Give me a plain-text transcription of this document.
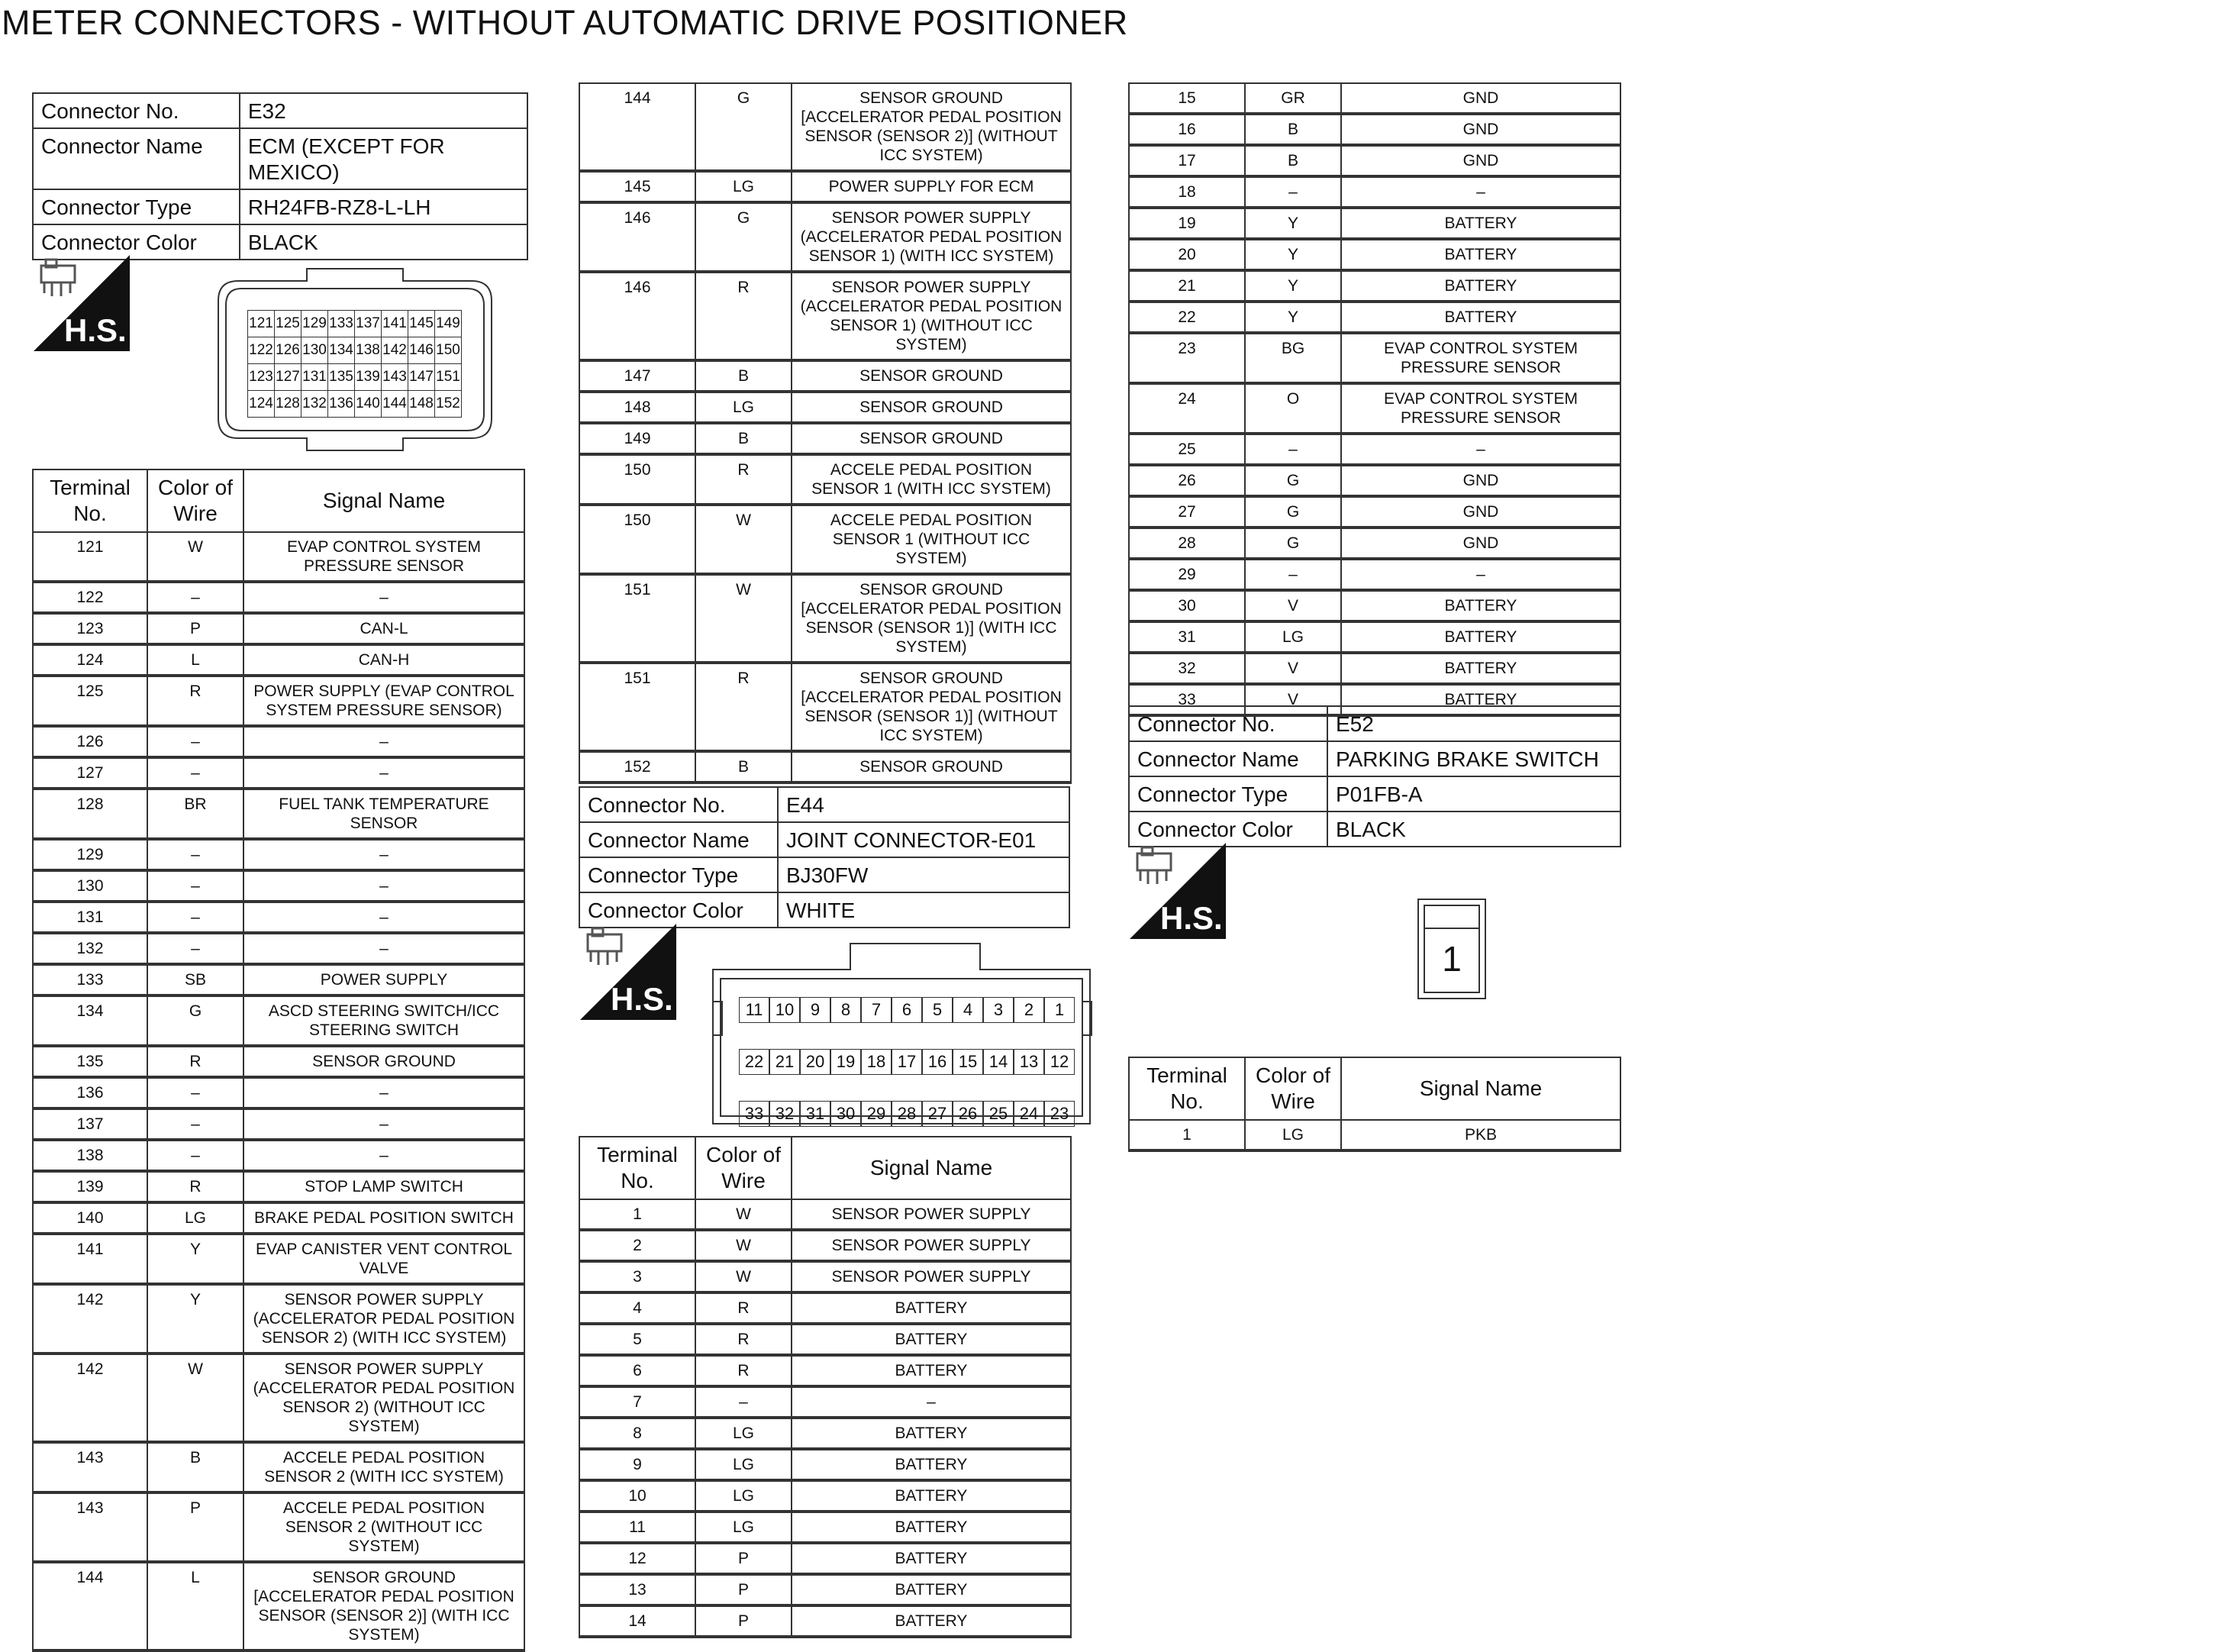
METER CONNECTORS - WITHOUT AUTOMATIC DRIVE POSITIONER
Connector No.	E32
Connector Name	ECM (EXCEPT FOR MEXICO)
Connector Type	RH24FB-RZ8-L-LH
Connector Color	BLACK
H.S.	121	125	129	133	137	141	145	149
122	126	130	134	138	142	146	150
123	127	131	135	139	143	147	151
124	128	132	136	140	144	148	152
Terminal No.	Color of Wire	Signal Name
121	W	EVAP CONTROL SYSTEM PRESSURE SENSOR
122	–	–
123	P	CAN-L
124	L	CAN-H
125	R	POWER SUPPLY (EVAP CONTROL SYSTEM PRESSURE SENSOR)
126	–	–
127	–	–
128	BR	FUEL TANK TEMPERATURE SENSOR
129	–	–
130	–	–
131	–	–
132	–	–
133	SB	POWER SUPPLY
134	G	ASCD STEERING SWITCH/ICC STEERING SWITCH
135	R	SENSOR GROUND
136	–	–
137	–	–
138	–	–
139	R	STOP LAMP SWITCH
140	LG	BRAKE PEDAL POSITION SWITCH
141	Y	EVAP CANISTER VENT CONTROL VALVE
142	Y	SENSOR POWER SUPPLY (ACCELERATOR PEDAL POSITION SENSOR 2) (WITH ICC SYSTEM)
142	W	SENSOR POWER SUPPLY (ACCELERATOR PEDAL POSITION SENSOR 2) (WITHOUT ICC SYSTEM)
143	B	ACCELE PEDAL POSITION SENSOR 2 (WITH ICC SYSTEM)
143	P	ACCELE PEDAL POSITION SENSOR 2 (WITHOUT ICC SYSTEM)
144	L	SENSOR GROUND [ACCELERATOR PEDAL POSITION SENSOR (SENSOR 2)] (WITH ICC SYSTEM)
144	G	SENSOR GROUND [ACCELERATOR PEDAL POSITION SENSOR (SENSOR 2)] (WITHOUT ICC SYSTEM)
145	LG	POWER SUPPLY FOR ECM
146	G	SENSOR POWER SUPPLY (ACCELERATOR PEDAL POSITION SENSOR 1) (WITH ICC SYSTEM)
146	R	SENSOR POWER SUPPLY (ACCELERATOR PEDAL POSITION SENSOR 1) (WITHOUT ICC SYSTEM)
147	B	SENSOR GROUND
148	LG	SENSOR GROUND
149	B	SENSOR GROUND
150	R	ACCELE PEDAL POSITION SENSOR 1 (WITH ICC SYSTEM)
150	W	ACCELE PEDAL POSITION SENSOR 1 (WITHOUT ICC SYSTEM)
151	W	SENSOR GROUND [ACCELERATOR PEDAL POSITION SENSOR (SENSOR 1)] (WITH ICC SYSTEM)
151	R	SENSOR GROUND [ACCELERATOR PEDAL POSITION SENSOR (SENSOR 1)] (WITHOUT ICC SYSTEM)
152	B	SENSOR GROUND
Connector No.	E44
Connector Name	JOINT CONNECTOR-E01
Connector Type	BJ30FW
Connector Color	WHITE
H.S.	11	10	9	8	7	6	5	4	3	2	1
22	21	20	19	18	17	16	15	14	13	12
33	32	31	30	29	28	27	26	25	24	23
Terminal No.	Color of Wire	Signal Name
1	W	SENSOR POWER SUPPLY
2	W	SENSOR POWER SUPPLY
3	W	SENSOR POWER SUPPLY
4	R	BATTERY
5	R	BATTERY
6	R	BATTERY
7	–	–
8	LG	BATTERY
9	LG	BATTERY
10	LG	BATTERY
11	LG	BATTERY
12	P	BATTERY
13	P	BATTERY
14	P	BATTERY
15	GR	GND
16	B	GND
17	B	GND
18	–	–
19	Y	BATTERY
20	Y	BATTERY
21	Y	BATTERY
22	Y	BATTERY
23	BG	EVAP CONTROL SYSTEM PRESSURE SENSOR
24	O	EVAP CONTROL SYSTEM PRESSURE SENSOR
25	–	–
26	G	GND
27	G	GND
28	G	GND
29	–	–
30	V	BATTERY
31	LG	BATTERY
32	V	BATTERY
33	V	BATTERY
Connector No.	E52
Connector Name	PARKING BRAKE SWITCH
Connector Type	P01FB-A
Connector Color	BLACK
H.S.
1
Terminal No.	Color of Wire	Signal Name
1	LG	PKB
